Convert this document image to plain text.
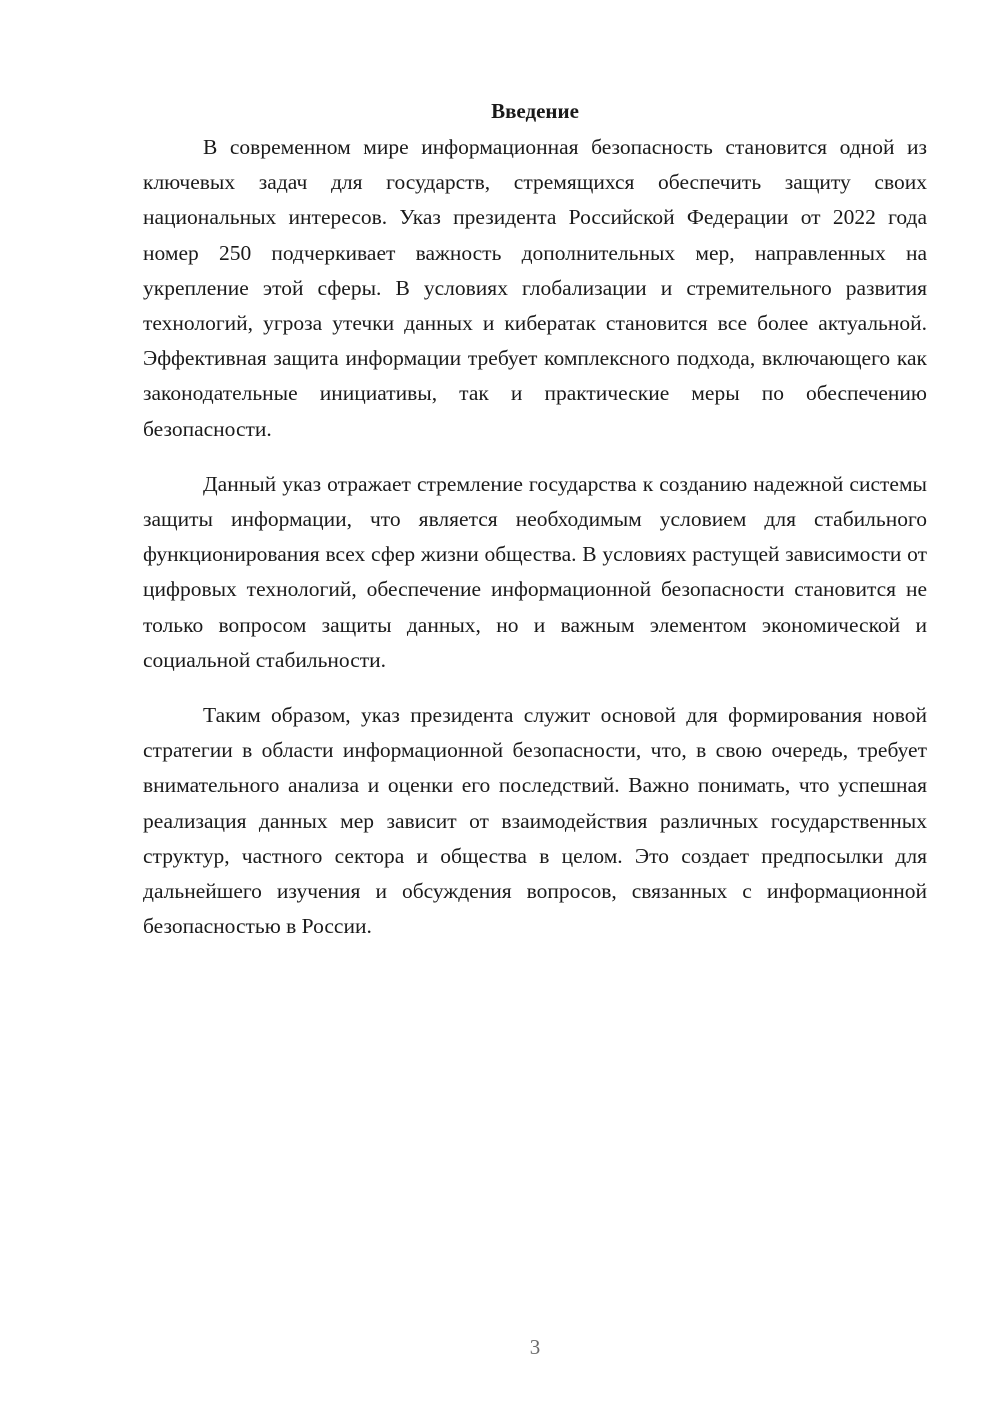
Введение

В современном мире информационная безопасность становится одной из ключевых задач для государств, стремящихся обеспечить защиту своих национальных интересов. Указ президента Российской Федерации от 2022 года номер 250 подчеркивает важность дополнительных мер, направленных на укрепление этой сферы. В условиях глобализации и стремительного развития технологий, угроза утечки данных и кибератак становится все более актуальной. Эффективная защита информации требует комплексного подхода, включающего как законодательные инициативы, так и практические меры по обеспечению безопасности.

Данный указ отражает стремление государства к созданию надежной системы защиты информации, что является необходимым условием для стабильного функционирования всех сфер жизни общества. В условиях растущей зависимости от цифровых технологий, обеспечение информационной безопасности становится не только вопросом защиты данных, но и важным элементом экономической и социальной стабильности.

Таким образом, указ президента служит основой для формирования новой стратегии в области информационной безопасности, что, в свою очередь, требует внимательного анализа и оценки его последствий. Важно понимать, что успешная реализация данных мер зависит от взаимодействия различных государственных структур, частного сектора и общества в целом. Это создает предпосылки для дальнейшего изучения и обсуждения вопросов, связанных с информационной безопасностью в России.

3
